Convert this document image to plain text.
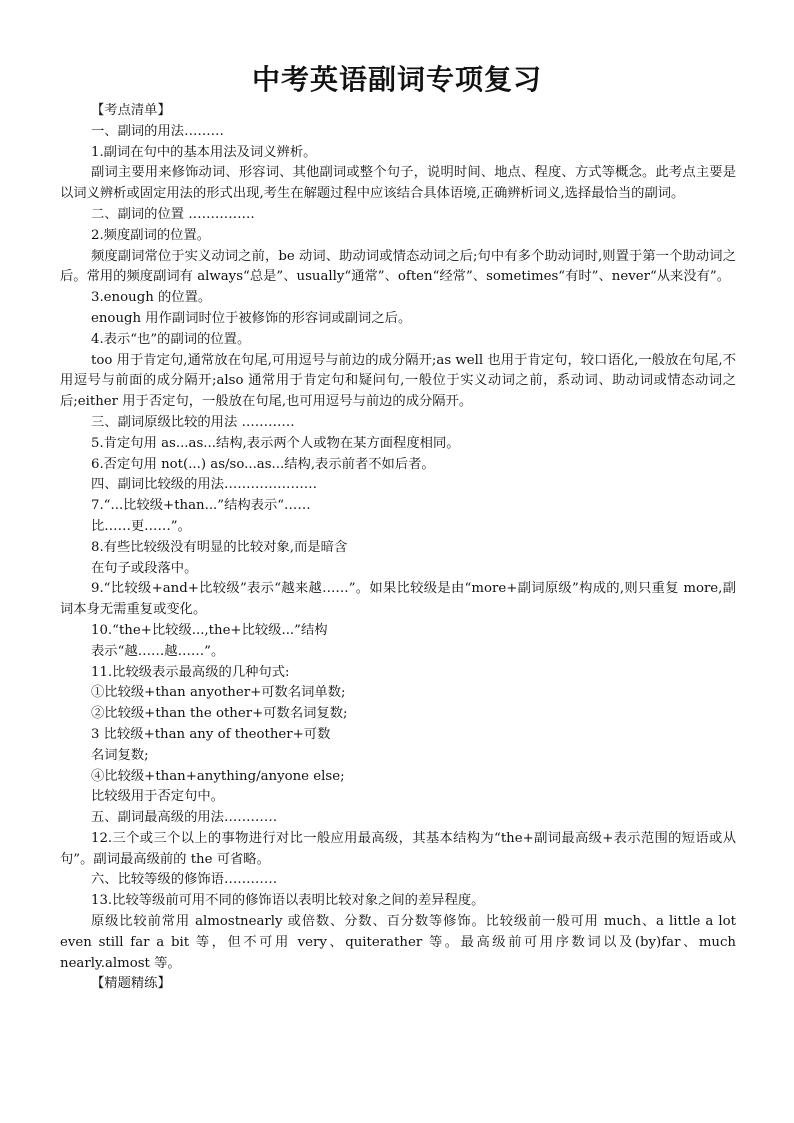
中考英语副词专项复习

【考点清单】

一、副词的用法………

1.副词在句中的基本用法及词义辨析。

副词主要用来修饰动词、形容词、其他副词或整个句子，说明时间、地点、程度、方式等概念。此考点主要是以词义辨析或固定用法的形式出现,考生在解题过程中应该结合具体语境,正确辨析词义,选择最恰当的副词。

二、副词的位置 ……………

2.频度副词的位置。

频度副词常位于实义动词之前，be 动词、助动词或情态动词之后;句中有多个助动词时,则置于第一个助动词之后。常用的频度副词有 always“总是”、usually“通常”、often“经常”、sometimes“有时”、never“从来没有”。

3.enough 的位置。

enough 用作副词时位于被修饰的形容词或副词之后。

4.表示“也”的副词的位置。

too 用于肯定句,通常放在句尾,可用逗号与前边的成分隔开;as well 也用于肯定句，较口语化,一般放在句尾,不用逗号与前面的成分隔开;also 通常用于肯定句和疑问句,一般位于实义动词之前，系动词、助动词或情态动词之后;either 用于否定句，一般放在句尾,也可用逗号与前边的成分隔开。

三、副词原级比较的用法 …………

5.肯定句用 as...as...结构,表示两个人或物在某方面程度相同。

6.否定句用 not(...) as/so...as...结构,表示前者不如后者。

四、副词比较级的用法…………………

7.“...比较级+than...”结构表示“……

比……更……”。

8.有些比较级没有明显的比较对象,而是暗含

在句子或段落中。

9.“比较级+and+比较级”表示“越来越……”。如果比较级是由“more+副词原级”构成的,则只重复 more,副词本身无需重复或变化。

10.“the+比较级...,the+比较级...”结构

表示“越……越……”。

11.比较级表示最高级的几种句式:

①比较级+than anyother+可数名词单数;

②比较级+than the other+可数名词复数;

3 比较级+than any of theother+可数

名词复数;

④比较级+than+anything/anyone else;

比较级用于否定句中。

五、副词最高级的用法…………

12.三个或三个以上的事物进行对比一般应用最高级，其基本结构为“the+副词最高级+表示范围的短语或从句”。副词最高级前的 the 可省略。

六、比较等级的修饰语…………

13.比较等级前可用不同的修饰语以表明比较对象之间的差异程度。

原级比较前常用 almostnearly 或倍数、分数、百分数等修饰。比较级前一般可用 much、a little a lot even still far a bit 等，但不可用 very、quiterather 等。最高级前可用序数词以及(by)far、much nearly.almost 等。

【精题精练】
